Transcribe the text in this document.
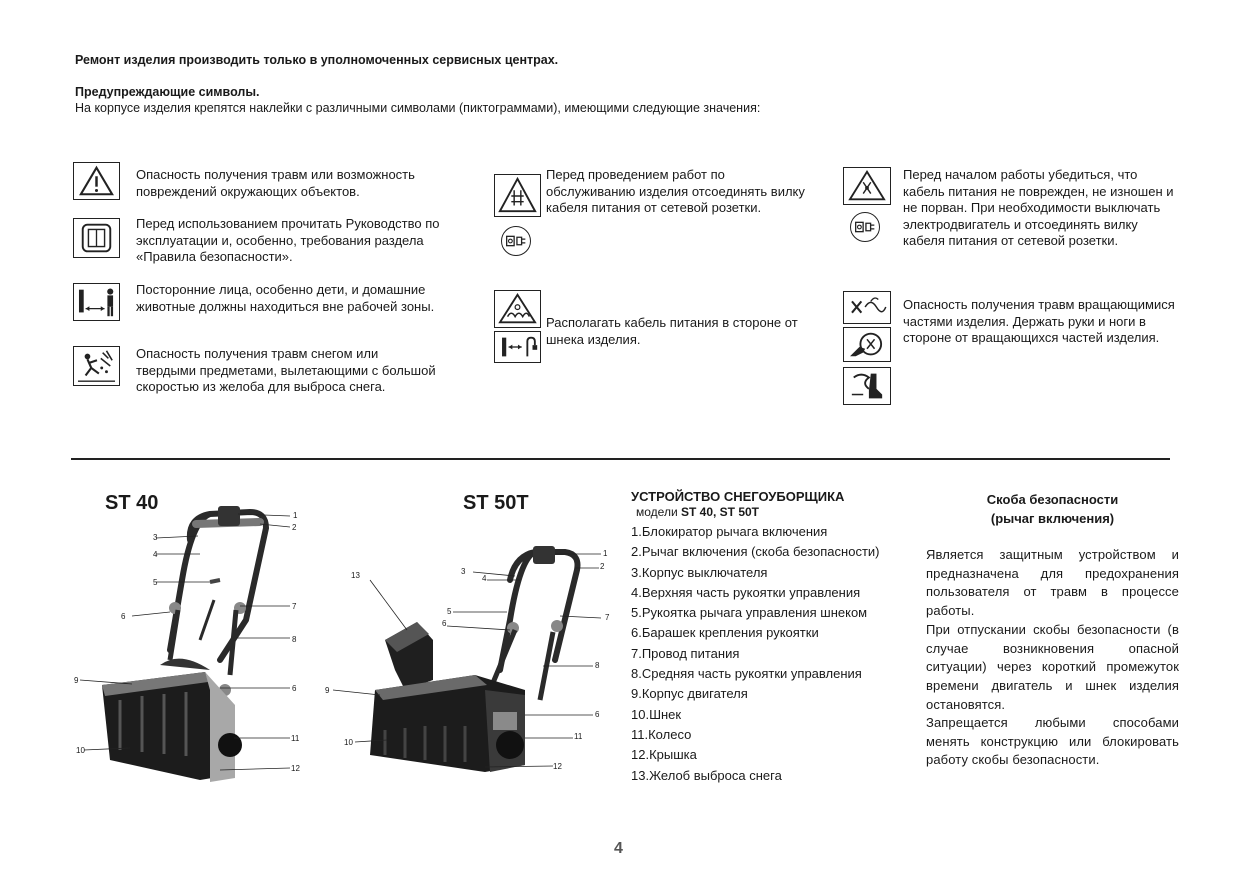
Ремонт изделия производить только в уполномоченных сервисных центрах.
Предупреждающие символы.
На корпусе изделия крепятся наклейки с различными символами (пиктограммами), имеющими следующие значения:
Опасность получения травм или возможность повреждений окружающих объектов.
Перед использованием прочитать Руководство по эксплуатации и, особенно, требования раздела «Правила безопасности».
Посторонние лица, особенно дети, и домашние животные должны находиться вне рабочей зоны.
Опасность получения травм снегом или твердыми предметами, вылетающими с большой скоростью из желоба для выброса снега.
Перед проведением работ по обслуживанию изделия отсоединять вилку кабеля питания от сетевой розетки.
Располагать кабель питания в стороне от шнека изделия.
Перед началом работы убедиться, что кабель питания не поврежден, не изношен и не порван. При необходимости выключать электродвигатель и отсоединять вилку кабеля питания от сетевой розетки.
Опасность получения травм вращающимися частями изделия. Держать руки и ноги в стороне от вращающихся частей изделия.
ST 40	ST 50T
1
2
3
4
5
6
7
8
9
6
10
11
12
13	3
4
1
2
5
6
7
8
9
6
10
11
12
УСТРОЙСТВО СНЕГОУБОРЩИКА
модели ST 40, ST 50T
1.Блокиратор рычага включения
2.Рычаг включения (скоба безопасности)
3.Корпус выключателя
4.Верхняя часть рукоятки управления
5.Рукоятка рычага управления шнеком
6.Барашек крепления рукоятки
7.Провод питания
8.Средняя часть рукоятки управления
9.Корпус двигателя
10.Шнек
11.Колесо
12.Крышка
13.Желоб выброса снега
Скоба безопасности
(рычаг включения)
Является защитным устройством и предназначена для предохранения пользователя от травм в процессе работы.
При отпускании скобы безопасности (в случае возникновения опасной ситуации) через короткий промежуток времени двигатель и шнек изделия остановятся.
Запрещается любыми способами менять конструкцию или блокировать работу скобы безопасности.
4
